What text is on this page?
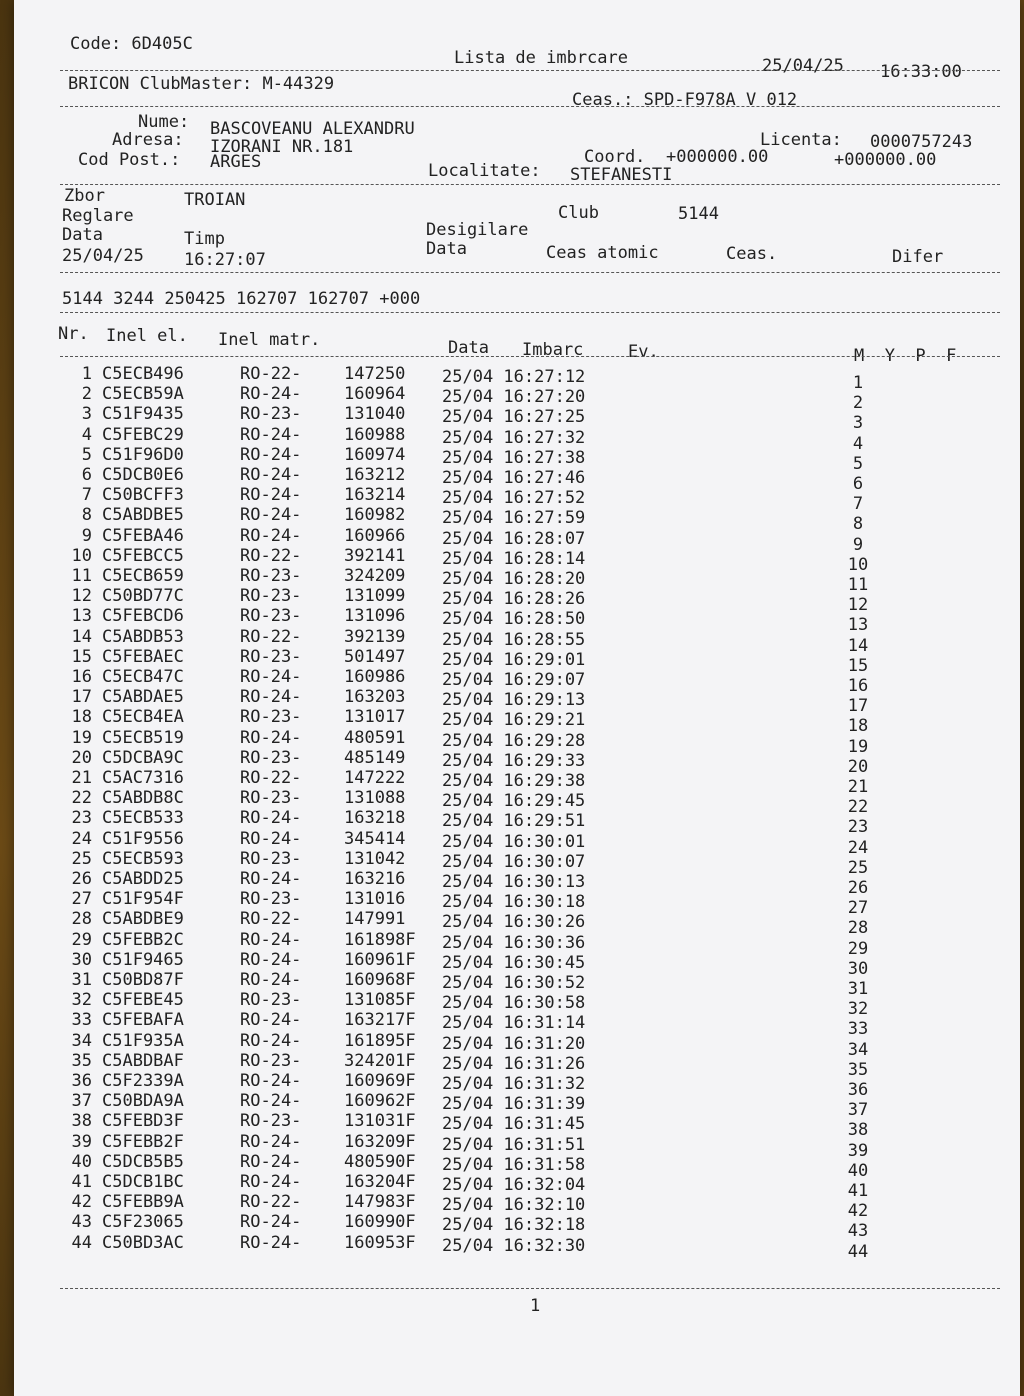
Code: 6D405C
Lista de imbrcare	25/04/25 16:33:00
BRICON ClubMaster: M-44329
Ceas.: SPD-F978A V 012
Nume: BASCOVEANU ALEXANDRU
Adresa: IZORANI NR.181	Licenta: 0000757243
Cod Post.: ARGES	Coord. +000000.00	+000000.00
Localitate: STEFANESTI
Zbor	TROIAN
Reglare	Club	5144
Data	Timp	Desigilare
Data	Ceas atomic	Ceas.	Difer
25/04/25 16:27:07
5144 3244 250425 162707 162707 +000
Nr. Inel el. Inel matr.	Data Imbarc	Ev.	M  Y  P  F
1 C5ECB496	RO-22-	147250 25/04 16:27:12	1
2 C5ECB59A	RO-24-	160964 25/04 16:27:20	2
3 C51F9435	RO-23-	131040 25/04 16:27:25	3
4 C5FEBC29	RO-24-	160988 25/04 16:27:32	4
5 C51F96D0	RO-24-	160974 25/04 16:27:38	5
6 C5DCB0E6	RO-24-	163212 25/04 16:27:46	6
7 C50BCFF3	RO-24-	163214 25/04 16:27:52	7
8 C5ABDBE5	RO-24-	160982 25/04 16:27:59	8
9 C5FEBA46	RO-24-	160966 25/04 16:28:07	9
10 C5FEBCC5	RO-22-	392141 25/04 16:28:14	10
11 C5ECB659	RO-23-	324209 25/04 16:28:20	11
12 C50BD77C	RO-23-	131099 25/04 16:28:26	12
13 C5FEBCD6	RO-23-	131096 25/04 16:28:50	13
14 C5ABDB53	RO-22-	392139 25/04 16:28:55	14
15 C5FEBAEC	RO-23-	501497 25/04 16:29:01	15
16 C5ECB47C	RO-24-	160986 25/04 16:29:07	16
17 C5ABDAE5	RO-24-	163203 25/04 16:29:13	17
18 C5ECB4EA	RO-23-	131017 25/04 16:29:21	18
19 C5ECB519	RO-24-	480591 25/04 16:29:28	19
20 C5DCBA9C	RO-23-	485149 25/04 16:29:33	20
21 C5AC7316	RO-22-	147222 25/04 16:29:38	21
22 C5ABDB8C	RO-23-	131088 25/04 16:29:45	22
23 C5ECB533	RO-24-	163218 25/04 16:29:51	23
24 C51F9556	RO-24-	345414 25/04 16:30:01	24
25 C5ECB593	RO-23-	131042 25/04 16:30:07	25
26 C5ABDD25	RO-24-	163216 25/04 16:30:13	26
27 C51F954F	RO-23-	131016 25/04 16:30:18	27
28 C5ABDBE9	RO-22-	147991 25/04 16:30:26	28
29 C5FEBB2C	RO-24-	161898F 25/04 16:30:36	29
30 C51F9465	RO-24-	160961F 25/04 16:30:45	30
31 C50BD87F	RO-24-	160968F 25/04 16:30:52	31
32 C5FEBE45	RO-23-	131085F 25/04 16:30:58	32
33 C5FEBAFA	RO-24-	163217F 25/04 16:31:14	33
34 C51F935A	RO-24-	161895F 25/04 16:31:20	34
35 C5ABDBAF	RO-23-	324201F 25/04 16:31:26	35
36 C5F2339A	RO-24-	160969F 25/04 16:31:32	36
37 C50BDA9A	RO-24-	160962F 25/04 16:31:39	37
38 C5FEBD3F	RO-23-	131031F 25/04 16:31:45	38
39 C5FEBB2F	RO-24-	163209F 25/04 16:31:51	39
40 C5DCB5B5	RO-24-	480590F 25/04 16:31:58	40
41 C5DCB1BC	RO-24-	163204F 25/04 16:32:04	41
42 C5FEBB9A	RO-22-	147983F 25/04 16:32:10	42
43 C5F23065	RO-24-	160990F 25/04 16:32:18	43
44 C50BD3AC	RO-24-	160953F 25/04 16:32:30	44
1
